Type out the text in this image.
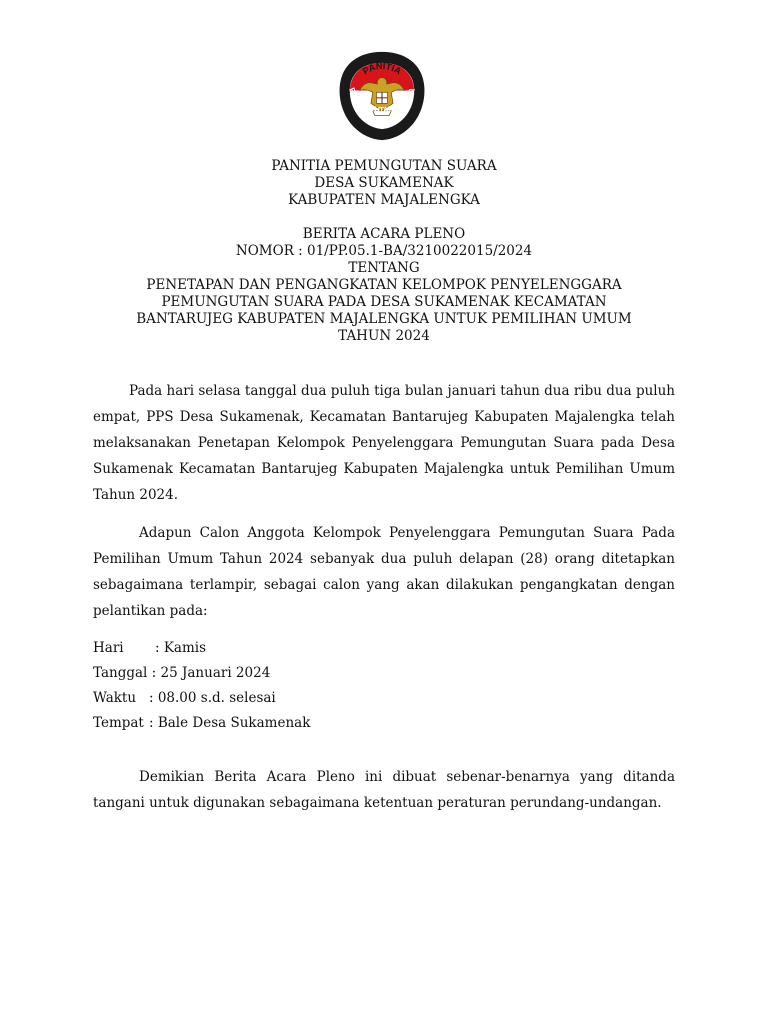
PANITIA
PEMUNGUTAN SUARA
PANITIA PEMUNGUTAN SUARA
DESA SUKAMENAK
KABUPATEN MAJALENGKA
BERITA ACARA PLENO
NOMOR : 01/PP.05.1-BA/3210022015/2024
TENTANG
PENETAPAN DAN PENGANGKATAN KELOMPOK PENYELENGGARA
PEMUNGUTAN SUARA PADA DESA SUKAMENAK KECAMATAN
BANTARUJEG KABUPATEN MAJALENGKA UNTUK PEMILIHAN UMUM
TAHUN 2024
Pada hari selasa tanggal dua puluh tiga bulan januari tahun dua ribu dua puluh empat, PPS Desa Sukamenak, Kecamatan Bantarujeg Kabupaten Majalengka telah melaksanakan Penetapan Kelompok Penyelenggara Pemungutan Suara pada Desa Sukamenak Kecamatan Bantarujeg Kabupaten Majalengka untuk Pemilihan Umum Tahun 2024.
Adapun Calon Anggota Kelompok Penyelenggara Pemungutan Suara Pada Pemilihan Umum Tahun 2024 sebanyak dua puluh delapan (28) orang ditetapkan sebagaimana terlampir, sebagai calon yang akan dilakukan pengangkatan dengan pelantikan pada:
Hari	: Kamis
Tanggal
: 25 Januari 2024
Waktu : 08.00 s.d. selesai
Tempat : Bale Desa Sukamenak
Demikian Berita Acara Pleno ini dibuat sebenar-benarnya yang ditanda tangani untuk digunakan sebagaimana ketentuan peraturan perundang-undangan.
